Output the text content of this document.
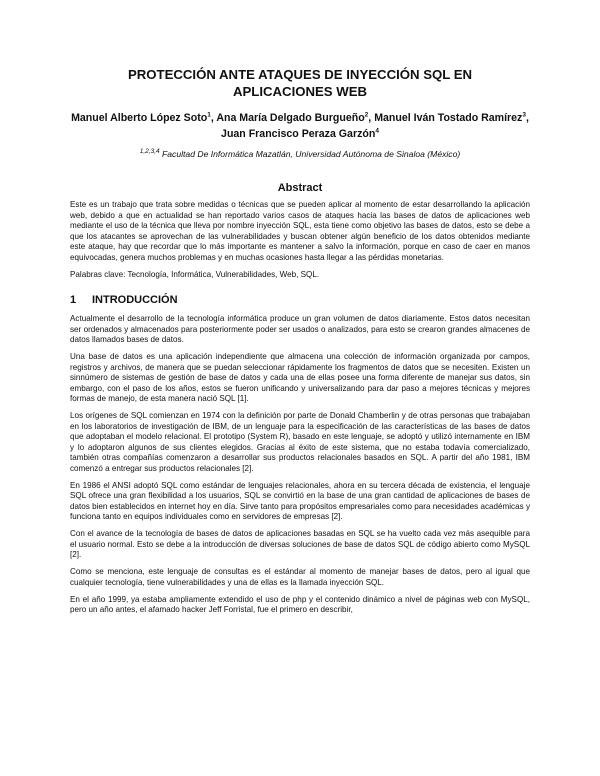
PROTECCIÓN ANTE ATAQUES DE INYECCIÓN SQL EN
APLICACIONES WEB
Manuel Alberto López Soto$^1$, Ana María Delgado Burgueño$^2$, Manuel Iván Tostado Ramírez$^3$, Juan Francisco Peraza Garzón$^4$
$^{1,2,3,4}$ Facultad De Informática Mazatlán, Universidad Autónoma de Sinaloa (México)
Abstract

Este es un trabajo que trata sobre medidas o técnicas que se pueden aplicar al momento de estar desarrollando la aplicación web, debido a que en actualidad se han reportado varios casos de ataques hacia las bases de datos de aplicaciones web mediante el uso de la técnica que lleva por nombre inyección SQL, esta tiene como objetivo las bases de datos, esto se debe a que los atacantes se aprovechan de las vulnerabilidades y buscan obtener algún beneficio de los datos obtenidos mediante este ataque, hay que recordar que lo más importante es mantener a salvo la información, porque en caso de caer en manos equivocadas, genera muchos problemas y en muchas ocasiones hasta llegar a las pérdidas monetarias.

Palabras clave: Tecnología, Informática, Vulnerabilidades, Web, SQL.

1	INTRODUCCIÓN

Actualmente el desarrollo de la tecnología informática produce un gran volumen de datos diariamente. Estos datos necesitan ser ordenados y almacenados para posteriormente poder ser usados o analizados, para esto se crearon grandes almacenes de datos llamados bases de datos.

Una base de datos es una aplicación independiente que almacena una colección de información organizada por campos, registros y archivos, de manera que se puedan seleccionar rápidamente los fragmentos de datos que se necesiten. Existen un sinnúmero de sistemas de gestión de base de datos y cada una de ellas posee una forma diferente de manejar sus datos, sin embargo, con el paso de los años, estos se fueron unificando y universalizando para dar paso a mejores técnicas y mejores formas de manejo, de esta manera nació SQL [1].

Los orígenes de SQL comienzan en 1974 con la definición por parte de Donald Chamberlin y de otras personas que trabajaban en los laboratorios de investigación de IBM, de un lenguaje para la especificación de las características de las bases de datos que adoptaban el modelo relacional. El prototipo (System R), basado en este lenguaje, se adoptó y utilizó internamente en IBM y lo adoptaron algunos de sus clientes elegidos. Gracias al éxito de este sistema, que no estaba todavía comercializado, también otras compañías comenzaron a desarrollar sus productos relacionales basados en SQL. A partir del año 1981, IBM comenzó a entregar sus productos relacionales [2].

En 1986 el ANSI adoptó SQL como estándar de lenguajes relacionales, ahora en su tercera década de existencia, el lenguaje SQL ofrece una gran flexibilidad a los usuarios, SQL se convirtió en la base de una gran cantidad de aplicaciones de bases de datos bien establecidos en internet hoy en día. Sirve tanto para propósitos empresariales como para necesidades académicas y funciona tanto en equipos individuales como en servidores de empresas [2].

Con el avance de la tecnología de bases de datos de aplicaciones basadas en SQL se ha vuelto cada vez más asequible para el usuario normal. Esto se debe a la introducción de diversas soluciones de base de datos SQL de código abierto como MySQL [2].

Como se menciona, este lenguaje de consultas es el estándar al momento de manejar bases de datos, pero al igual que cualquier tecnología, tiene vulnerabilidades y una de ellas es la llamada inyección SQL.

En el año 1999, ya estaba ampliamente extendido el uso de php y el contenido dinámico a nivel de páginas web con MySQL, pero un año antes, el afamado hacker Jeff Forristal, fue el primero en describir,
